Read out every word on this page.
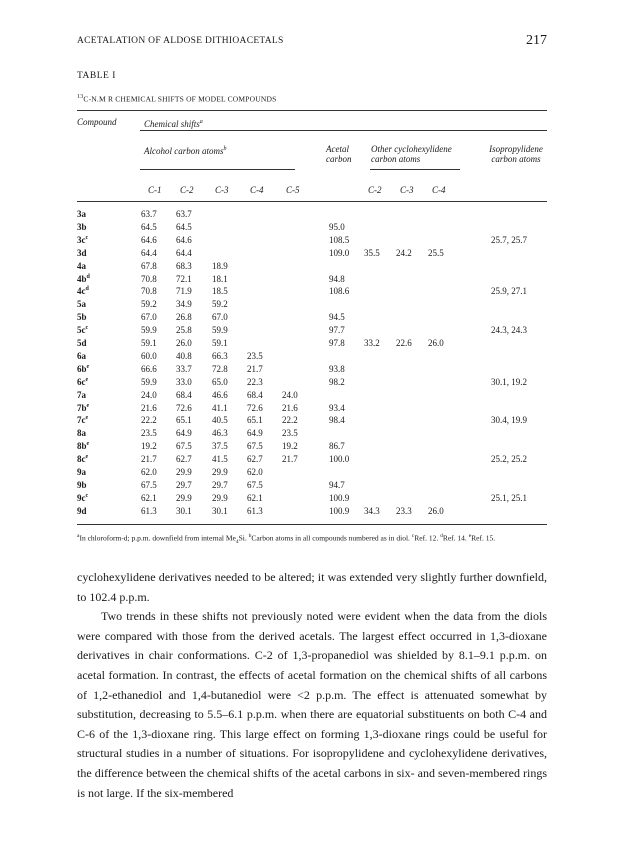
ACETALATION OF ALDOSE DITHIOACETALS	217
TABLE I
$^{13}$C-N.M R CHEMICAL SHIFTS OF MODEL COMPOUNDS
Compound	Chemical shifts$^a$
Alcohol carbon atoms$^b$	Acetal
carbon
Other cyclohexylidene
carbon atoms
Isopropylidene
carbon atoms
C-1 C-2 C-3 C-4	C-5	C-2 C-3 C-4
3a	63.7 63.7
3b	64.5 64.5	95.0
$3c^c$	64.6 64.6	108.5	25.7, 25.7
3d	64.4 64.4	109.0 35.5 24.2 25.5
4a	67.8 68.3 18.9
$4b^d$	70.8 72.1 18.1	94.8
$4c^d$	70.8 71.9 18.5	108.6	25.9, 27.1
5a	59.2 34.9 59.2
5b	67.0 26.8 67.0	94.5
$5c^c$	59.9 25.8 59.9	97.7	24.3, 24.3
5d	59.1 26.0 59.1	97.8 33.2 22.6 26.0
6a	60.0 40.8 66.3 23.5
$6b^e$	66.6 33.7 72.8 21.7	93.8
$6c^e$	59.9 33.0 65.0 22.3	98.2	30.1, 19.2
7a	24.0 68.4 46.6 68.4 24.0
$7b^e$	21.6 72.6 41.1 72.6 21.6	93.4
$7c^e$	22.2 65.1 40.5 65.1 22.2	98.4	30.4, 19.9
8a	23.5 64.9 46.3 64.9 23.5
$8b^e$	19.2 67.5 37.5 67.5 19.2	86.7
$8c^e$	21.7 62.7 41.5 62.7 21.7	100.0	25.2, 25.2
9a	62.0 29.9 29.9 62.0
9b	67.5 29.7 29.7 67.5	94.7
$9c^c$	62.1 29.9 29.9 62.1	100.9	25.1, 25.1
9d	61.3 30.1 30.1 61.3	100.9 34.3 23.3 26.0
$^a$In chloroform-d; p.p.m. downfield from internal $Me_4Si$. $^b$Carbon atoms in all compounds numbered as in diol. $^c$Ref. 12. $^d$Ref. 14. $^e$Ref. 15.

cyclohexylidene derivatives needed to be altered; it was extended very slightly further downfield, to 102.4 p.p.m.

Two trends in these shifts not previously noted were evident when the data from the diols were compared with those from the derived acetals. The largest effect occurred in 1,3-dioxane derivatives in chair conformations. C-2 of 1,3-propanediol was shielded by 8.1–9.1 p.p.m. on acetal formation. In contrast, the effects of acetal formation on the chemical shifts of all carbons of 1,2-ethanediol and 1,4-butanediol were <2 p.p.m. The effect is attenuated somewhat by substitution, decreasing to 5.5–6.1 p.p.m. when there are equatorial substituents on both C-4 and C-6 of the 1,3-dioxane ring. This large effect on forming 1,3-dioxane rings could be useful for structural studies in a number of situations. For isopropylidene and cyclohexylidene derivatives, the difference between the chemical shifts of the acetal carbons in six- and seven-membered rings is not large. If the six-membered
